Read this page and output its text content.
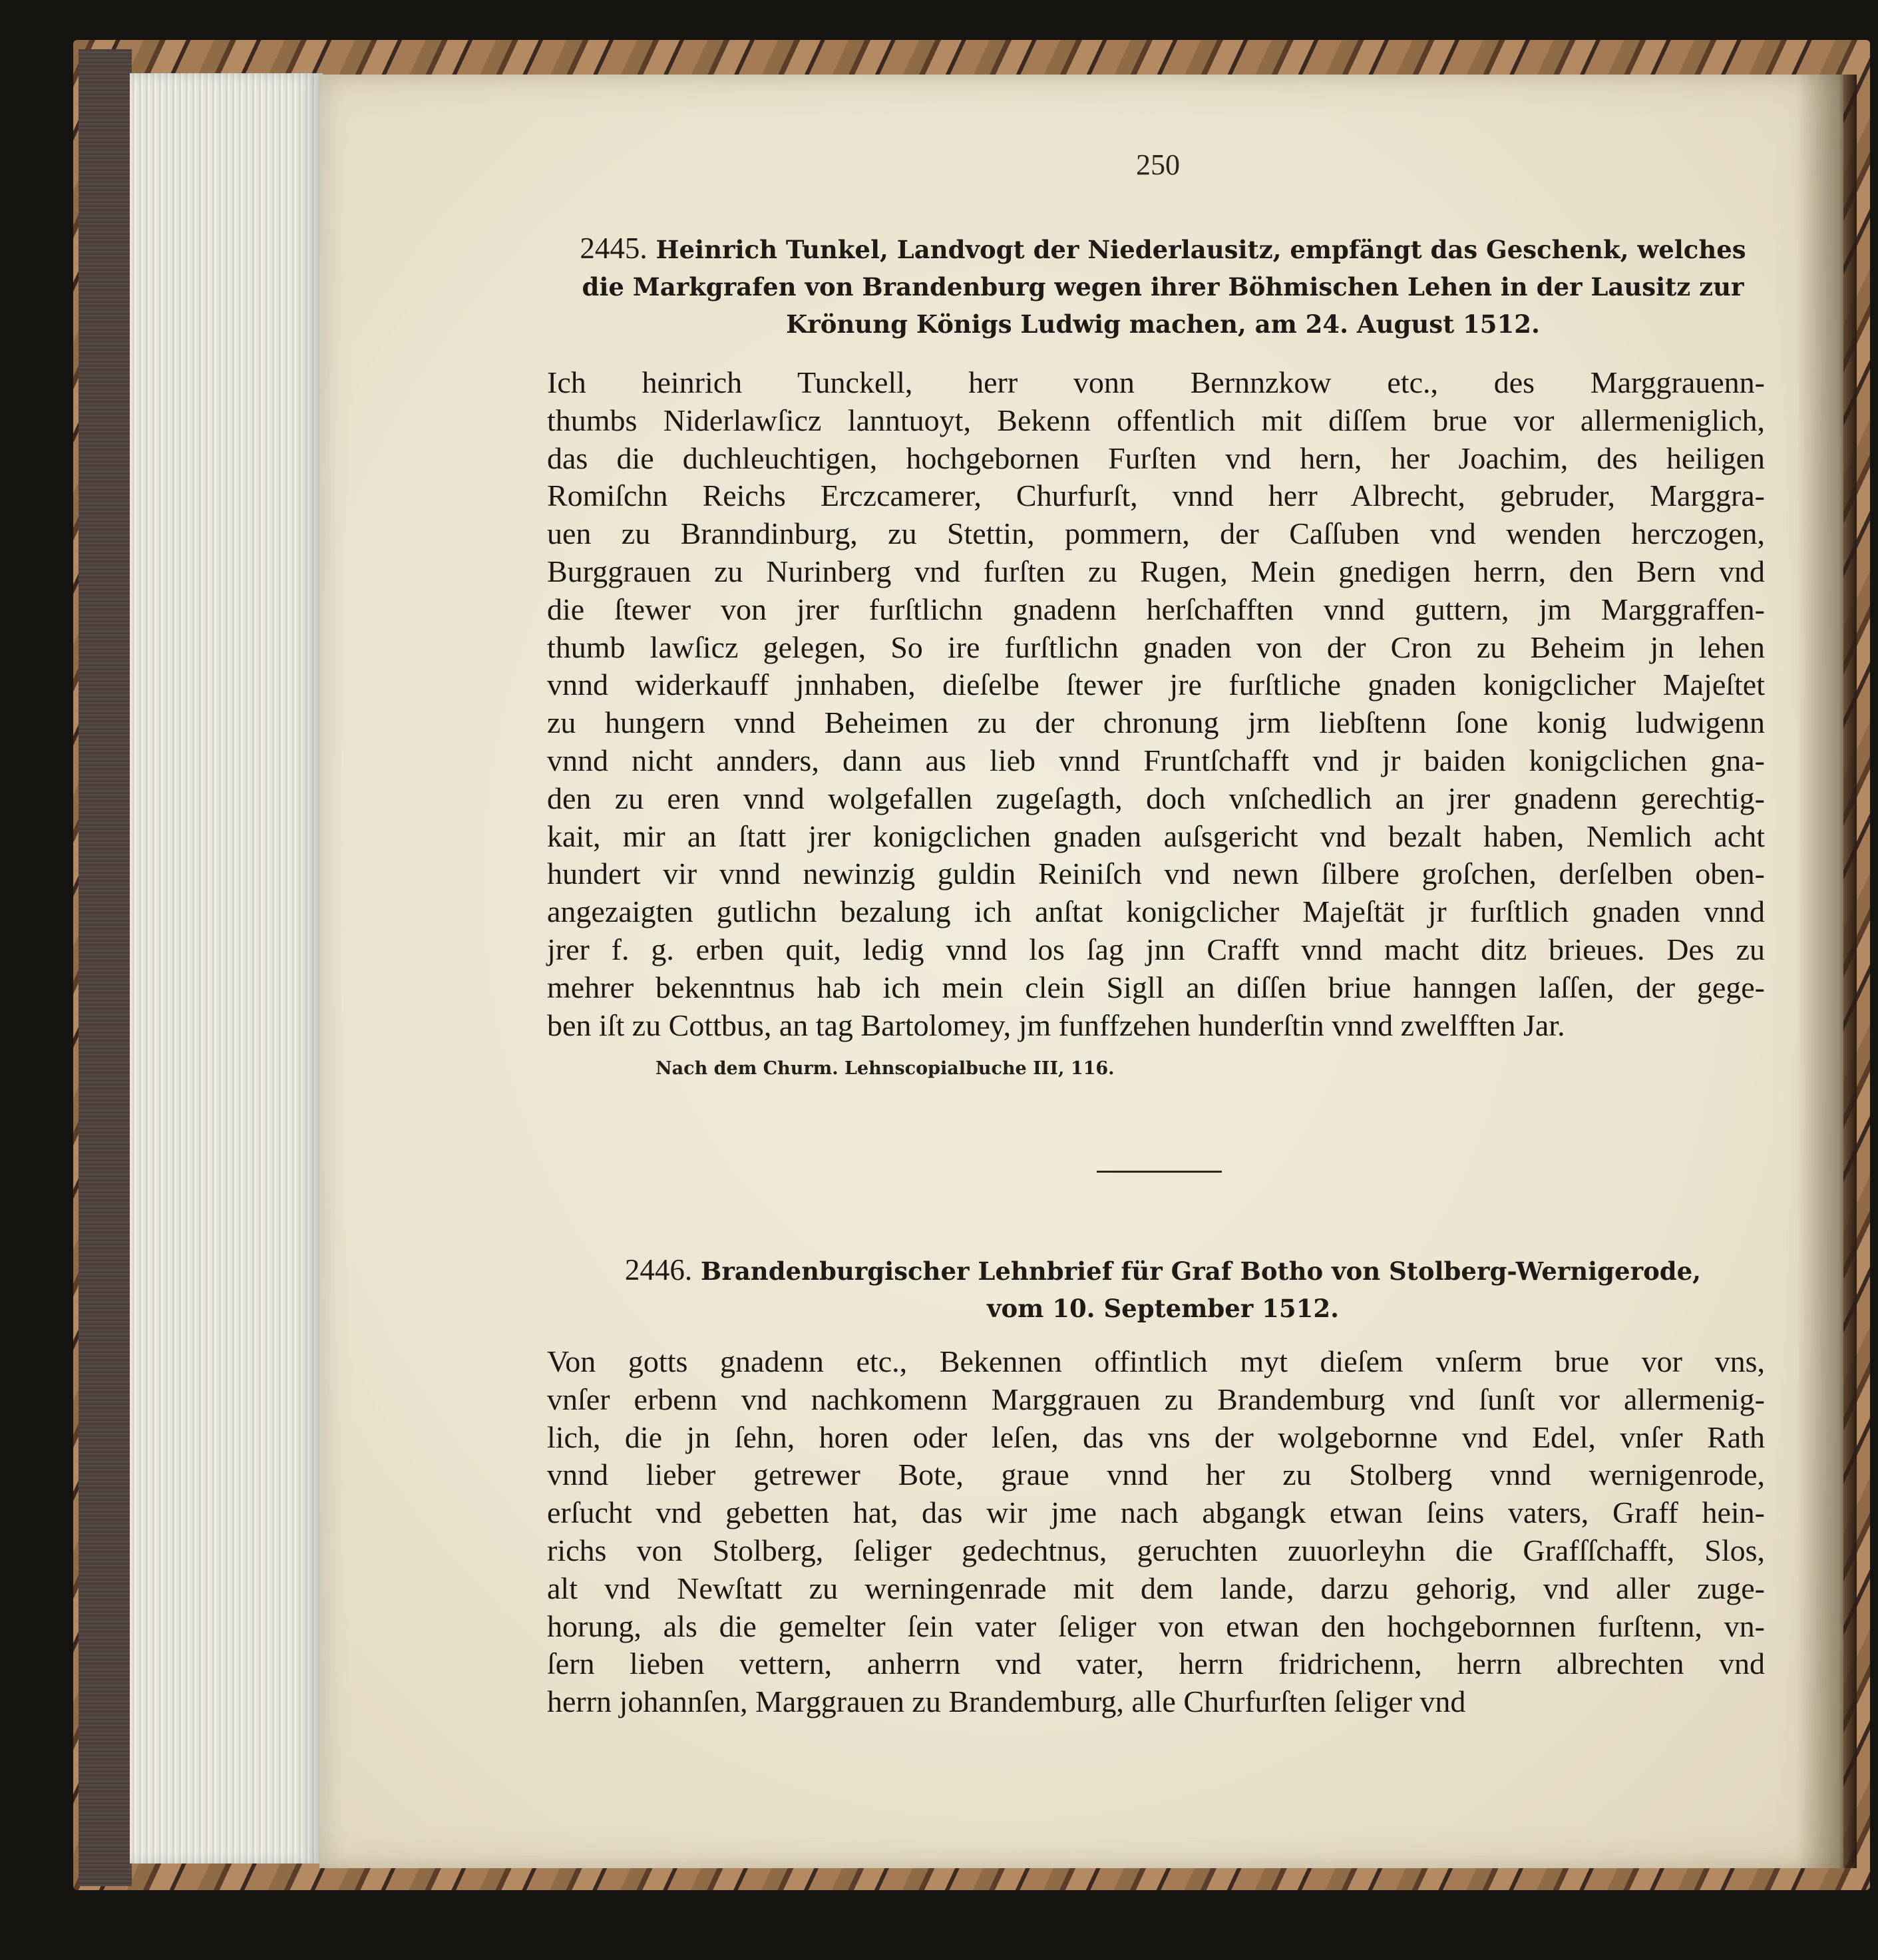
250
2445. Heinrich Tunkel, Landvogt der Niederlausitz, empfängt das Geschenk, welches die Markgrafen von Brandenburg wegen ihrer Böhmischen Lehen in der Lausitz zur Krönung Königs Ludwig machen, am 24. August 1512.
Ich heinrich Tunckell, herr vonn Bernnzkow etc., des Marggrauenn-
thumbs Niderlawſicz lanntuoyt, Bekenn offentlich mit diſſem brue vor allermeniglich,
das die duchleuchtigen, hochgebornen Furſten vnd hern, her Joachim, des heiligen
Romiſchn Reichs Erczcamerer, Churfurſt, vnnd herr Albrecht, gebruder, Marggra-
uen zu Branndinburg, zu Stettin, pommern, der Caſſuben vnd wenden herczogen,
Burggrauen zu Nurinberg vnd furſten zu Rugen, Mein gnedigen herrn, den Bern vnd
die ſtewer von jrer furſtlichn gnadenn herſchafften vnnd guttern, jm Marggraffen-
thumb lawſicz gelegen, So ire furſtlichn gnaden von der Cron zu Beheim jn lehen
vnnd widerkauff jnnhaben, dieſelbe ſtewer jre furſtliche gnaden konigclicher Majeſtet
zu hungern vnnd Beheimen zu der chronung jrm liebſtenn ſone konig ludwigenn
vnnd nicht annders, dann aus lieb vnnd Fruntſchafft vnd jr baiden konigclichen gna-
den zu eren vnnd wolgefallen zugeſagth, doch vnſchedlich an jrer gnadenn gerechtig-
kait, mir an ſtatt jrer konigclichen gnaden auſsgericht vnd bezalt haben, Nemlich acht
hundert vir vnnd newinzig guldin Reiniſch vnd newn ſilbere groſchen, derſelben oben-
angezaigten gutlichn bezalung ich anſtat konigclicher Majeſtät jr furſtlich gnaden vnnd
jrer f. g. erben quit, ledig vnnd los ſag jnn Crafft vnnd macht ditz brieues. Des zu
mehrer bekenntnus hab ich mein clein Sigll an diſſen briue hanngen laſſen, der gege-
ben iſt zu Cottbus, an tag Bartolomey, jm funffzehen hunderſtin vnnd zwelfften Jar.
Nach dem Churm. Lehnscopialbuche III, 116.
2446. Brandenburgischer Lehnbrief für Graf Botho von Stolberg-Wernigerode,
vom 10. September 1512.
Von gotts gnadenn etc., Bekennen offintlich myt dieſem vnſerm brue vor vns,
vnſer erbenn vnd nachkomenn Marggrauen zu Brandemburg vnd ſunſt vor allermenig-
lich, die jn ſehn, horen oder leſen, das vns der wolgebornne vnd Edel, vnſer Rath
vnnd lieber getrewer Bote, graue vnnd her zu Stolberg vnnd wernigenrode,
erſucht vnd gebetten hat, das wir jme nach abgangk etwan ſeins vaters, Graff hein-
richs von Stolberg, ſeliger gedechtnus, geruchten zuuorleyhn die Grafſſchafft, Slos,
alt vnd Newſtatt zu werningenrade mit dem lande, darzu gehorig, vnd aller zuge-
horung, als die gemelter ſein vater ſeliger von etwan den hochgebornnen furſtenn, vn-
ſern lieben vettern, anherrn vnd vater, herrn fridrichenn, herrn albrechten vnd
herrn johannſen, Marggrauen zu Brandemburg, alle Churfurſten ſeliger vnd
